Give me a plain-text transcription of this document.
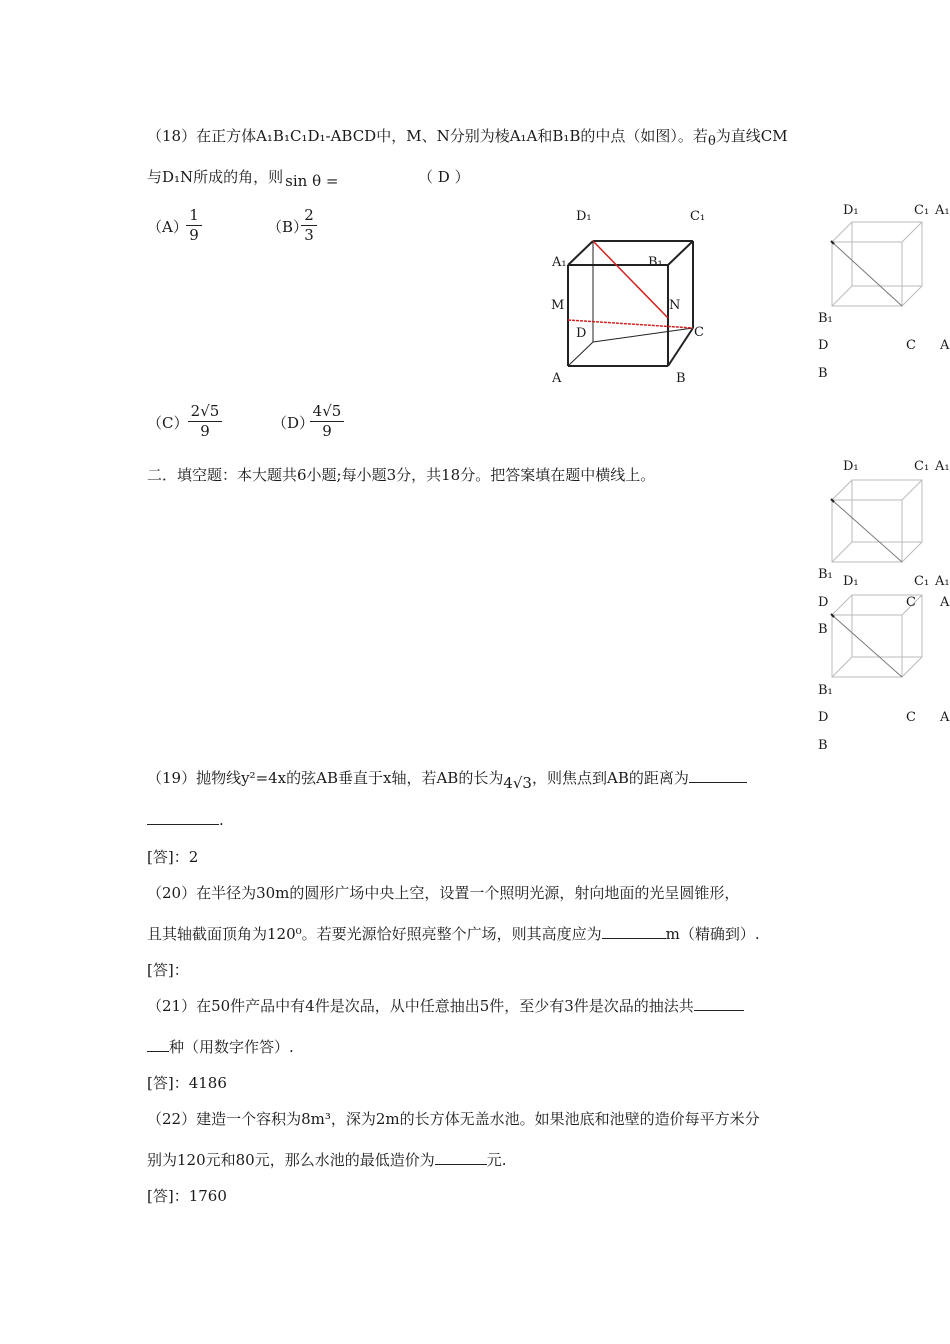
（18）在正方体A₁B₁C₁D₁-ABCD中，M、N分别为棱A₁A和B₁B的中点（如图）。若θ为直线CM
与D₁N所成的角，则 sin θ =	（ D ）
（A）
$\frac{1}{9}$	（B）
$\frac{2}{3}$	D₁	C₁
A₁	B₁
M	N
D	C
A	B
$(C) \frac{2√5}{9}$	（D）
$\frac{4√5}{9}$
二．填空题：本大题共6小题;每小题3分，共18分。把答案填在题中横线上。
D₁	C₁ A₁
B₁
D	C A
B
D₁	C₁ A₁
B₁
D	C A
B
D₁	C₁ A₁
B₁
D	C A
B
（19）抛物线y²=4x的弦AB垂直于x轴，若AB的长为4√3，则焦点到AB的距离为
.
[答]：2
（20）在半径为30m的圆形广场中央上空，设置一个照明光源，射向地面的光呈圆锥形，
且其轴截面顶角为120⁰。若要光源恰好照亮整个广场，则其高度应为	m（精确到）.
[答]：
（21）在50件产品中有4件是次品，从中任意抽出5件，至少有3件是次品的抽法共
种（用数字作答）.
[答]：4186
（22）建造一个容积为8m³，深为2m的长方体无盖水池。如果池底和池壁的造价每平方米分
别为120元和80元，那么水池的最低造价为	元.
[答]：1760
